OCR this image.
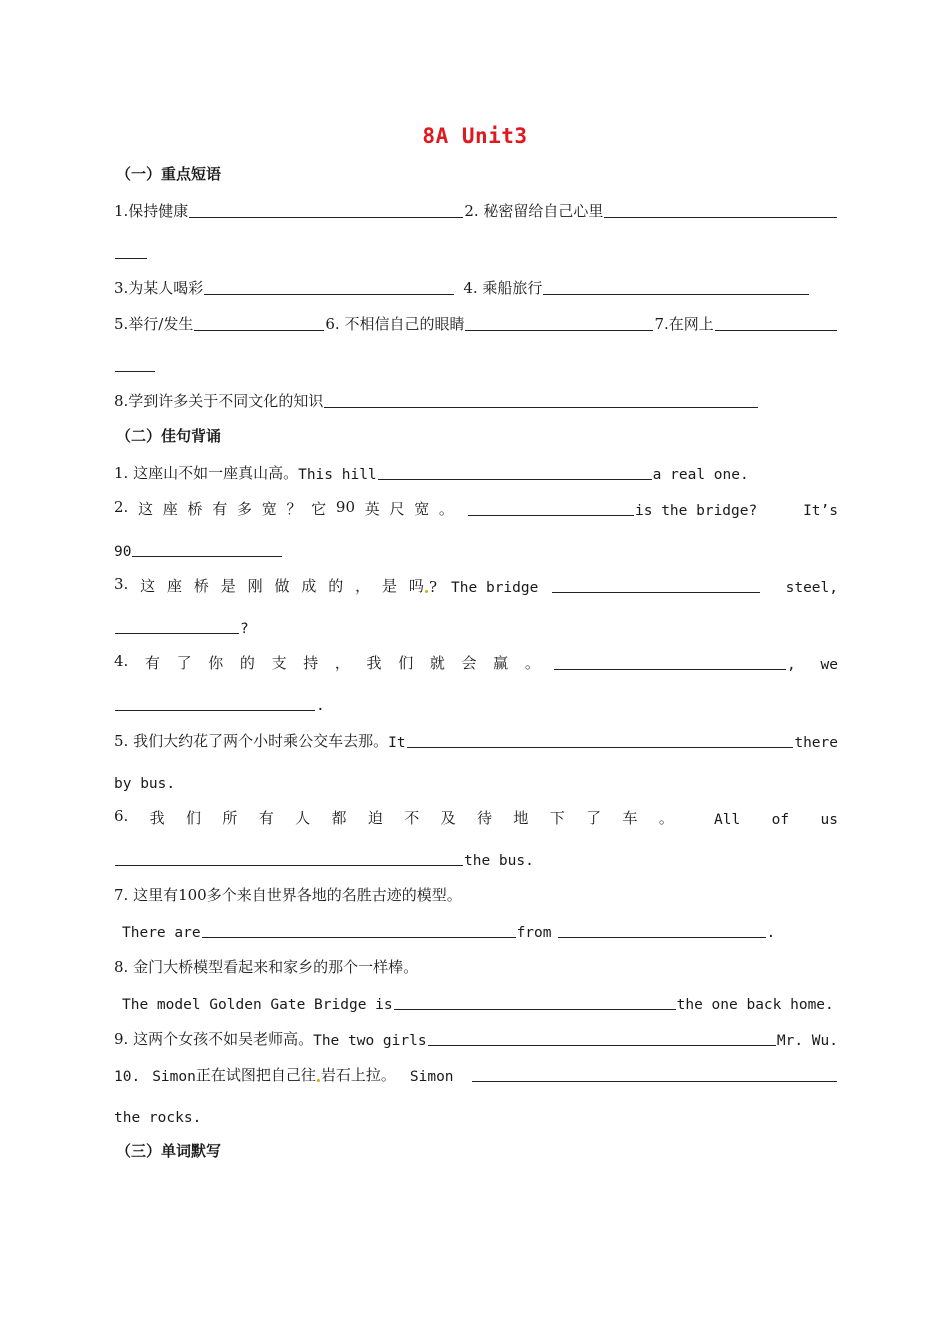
8A Unit3
（一）重点短语
1.保持健康	2. 秘密留给自己心里
3.为某人喝彩	4. 乘船旅行
5.举行/发生	6. 不相信自己的眼睛	7.在网上
8.学到许多关于不同文化的知识
（二）佳句背诵
1. 这座山不如一座真山高。 This hill	a real one.
2. 这 座 桥 有 多 宽 ？ 它 90 英 尺 宽 。	is the bridge?	It’s
90
3. 这 座 桥 是 刚 做 成 的 ， 是 吗 ? The bridge	steel,
?
4. 有 了 你 的 支 持 ， 我 们 就 会 赢 。	, we
.
5. 我们大约花了两个小时乘公交车去那。 It	there
by bus.
6. 我 们 所 有 人 都 迫 不 及 待 地 下 了 车 。	All of us
the bus.
7. 这里有100多个来自世界各地的名胜古迹的模型。
There are	from	.
8. 金门大桥模型看起来和家乡的那个一样棒。
The model Golden Gate Bridge is	the one back home.
9. 这两个女孩不如吴老师高。 The two girls	Mr. Wu.
10. Simon 正在试图把自己往 岩石上拉。 Simon
the rocks.
（三）单词默写
